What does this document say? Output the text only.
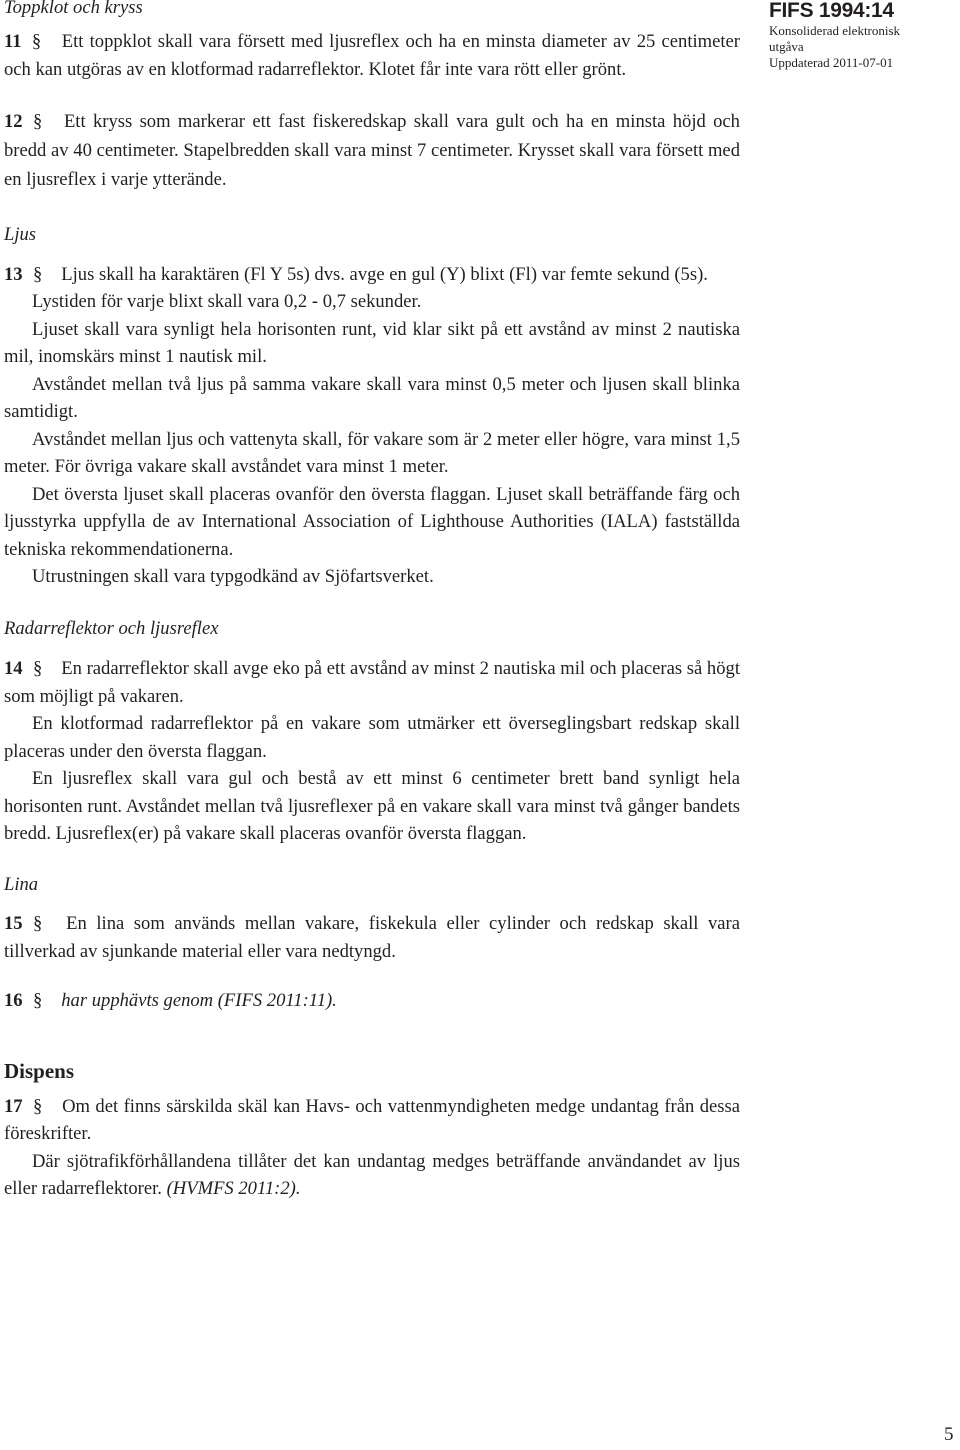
FIFS 1994:14
Konsoliderad elektronisk
utgåva
Uppdaterad 2011-07-01
Toppklot och kryss

11 § Ett toppklot skall vara försett med ljusreflex och ha en minsta diameter av 25 centimeter och kan utgöras av en klotformad radarreflektor. Klotet får inte vara rött eller grönt.

12 § Ett kryss som markerar ett fast fiskeredskap skall vara gult och ha en minsta höjd och bredd av 40 centimeter. Stapelbredden skall vara minst 7 centimeter. Krysset skall vara försett med en ljusreflex i varje ytterände.

Ljus

13 § Ljus skall ha karaktären (Fl Y 5s) dvs. avge en gul (Y) blixt (Fl) var femte sekund (5s).

Lystiden för varje blixt skall vara 0,2 - 0,7 sekunder.

Ljuset skall vara synligt hela horisonten runt, vid klar sikt på ett avstånd av minst 2 nautiska mil, inomskärs minst 1 nautisk mil.

Avståndet mellan två ljus på samma vakare skall vara minst 0,5 meter och ljusen skall blinka samtidigt.

Avståndet mellan ljus och vattenyta skall, för vakare som är 2 meter eller högre, vara minst 1,5 meter. För övriga vakare skall avståndet vara minst 1 meter.

Det översta ljuset skall placeras ovanför den översta flaggan. Ljuset skall beträffande färg och ljusstyrka uppfylla de av International Association of Lighthouse Authorities (IALA) fastställda tekniska rekommendationerna.

Utrustningen skall vara typgodkänd av Sjöfartsverket.

Radarreflektor och ljusreflex

14 § En radarreflektor skall avge eko på ett avstånd av minst 2 nautiska mil och placeras så högt som möjligt på vakaren.

En klotformad radarreflektor på en vakare som utmärker ett överseglingsbart redskap skall placeras under den översta flaggan.

En ljusreflex skall vara gul och bestå av ett minst 6 centimeter brett band synligt hela horisonten runt. Avståndet mellan två ljusreflexer på en vakare skall vara minst två gånger bandets bredd. Ljusreflex(er) på vakare skall placeras ovanför översta flaggan.

Lina

15 § En lina som används mellan vakare, fiskekula eller cylinder och redskap skall vara tillverkad av sjunkande material eller vara nedtyngd.

16 § har upphävts genom (FIFS 2011:11).

Dispens

17 § Om det finns särskilda skäl kan Havs- och vattenmyndigheten medge undantag från dessa föreskrifter.

Där sjötrafikförhållandena tillåter det kan undantag medges beträffande användandet av ljus eller radarreflektorer. (HVMFS 2011:2).

5
